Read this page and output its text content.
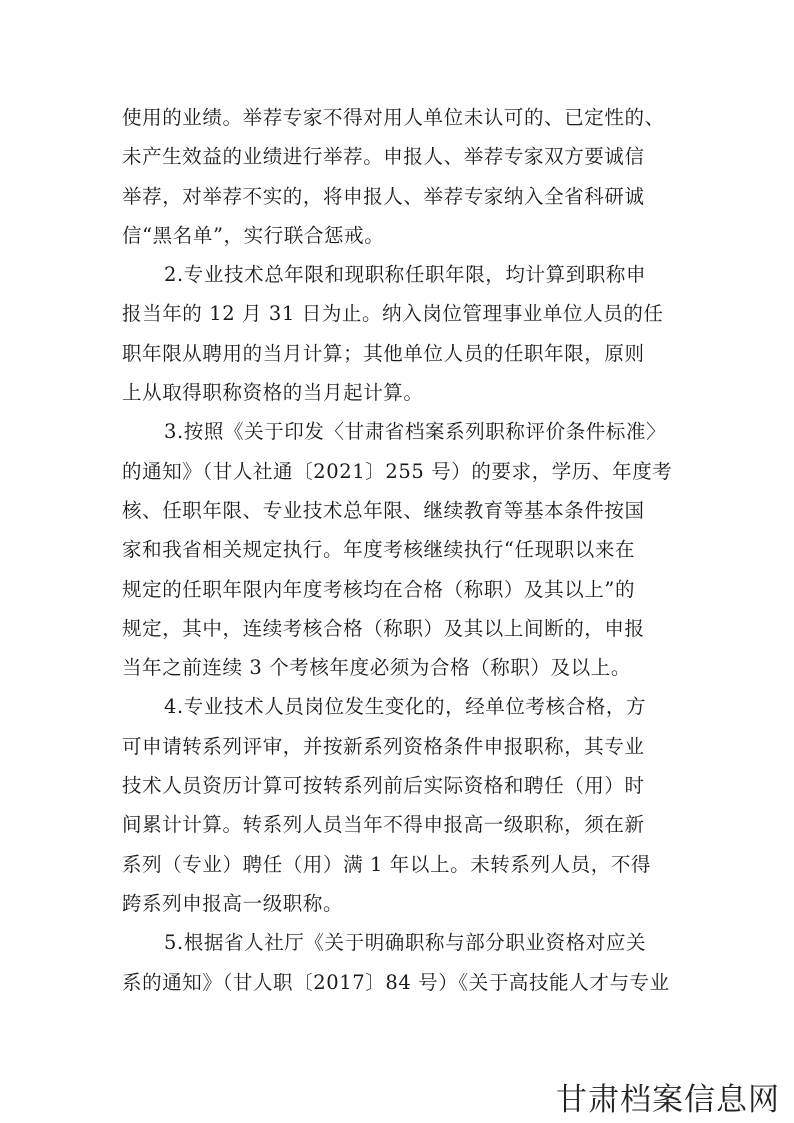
使用的业绩。举荐专家不得对用人单位未认可的、已定性的、
未产生效益的业绩进行举荐。申报人、举荐专家双方要诚信
举荐，对举荐不实的，将申报人、举荐专家纳入全省科研诚
信“黑名单”，实行联合惩戒。
2.专业技术总年限和现职称任职年限，均计算到职称申
报当年的 12 月 31 日为止。纳入岗位管理事业单位人员的任
职年限从聘用的当月计算；其他单位人员的任职年限，原则
上从取得职称资格的当月起计算。
3.按照《关于印发〈甘肃省档案系列职称评价条件标准〉
的通知》（甘人社通〔2021〕255 号）的要求，学历、年度考
核、任职年限、专业技术总年限、继续教育等基本条件按国
家和我省相关规定执行。年度考核继续执行“任现职以来在
规定的任职年限内年度考核均在合格（称职）及其以上”的
规定，其中，连续考核合格（称职）及其以上间断的，申报
当年之前连续 3 个考核年度必须为合格（称职）及以上。
4.专业技术人员岗位发生变化的，经单位考核合格，方
可申请转系列评审，并按新系列资格条件申报职称，其专业
技术人员资历计算可按转系列前后实际资格和聘任（用）时
间累计计算。转系列人员当年不得申报高一级职称，须在新
系列（专业）聘任（用）满 1 年以上。未转系列人员，不得
跨系列申报高一级职称。
5.根据省人社厅《关于明确职称与部分职业资格对应关
系的通知》（甘人职〔2017〕84 号）《关于高技能人才与专业
甘肃档案信息网
